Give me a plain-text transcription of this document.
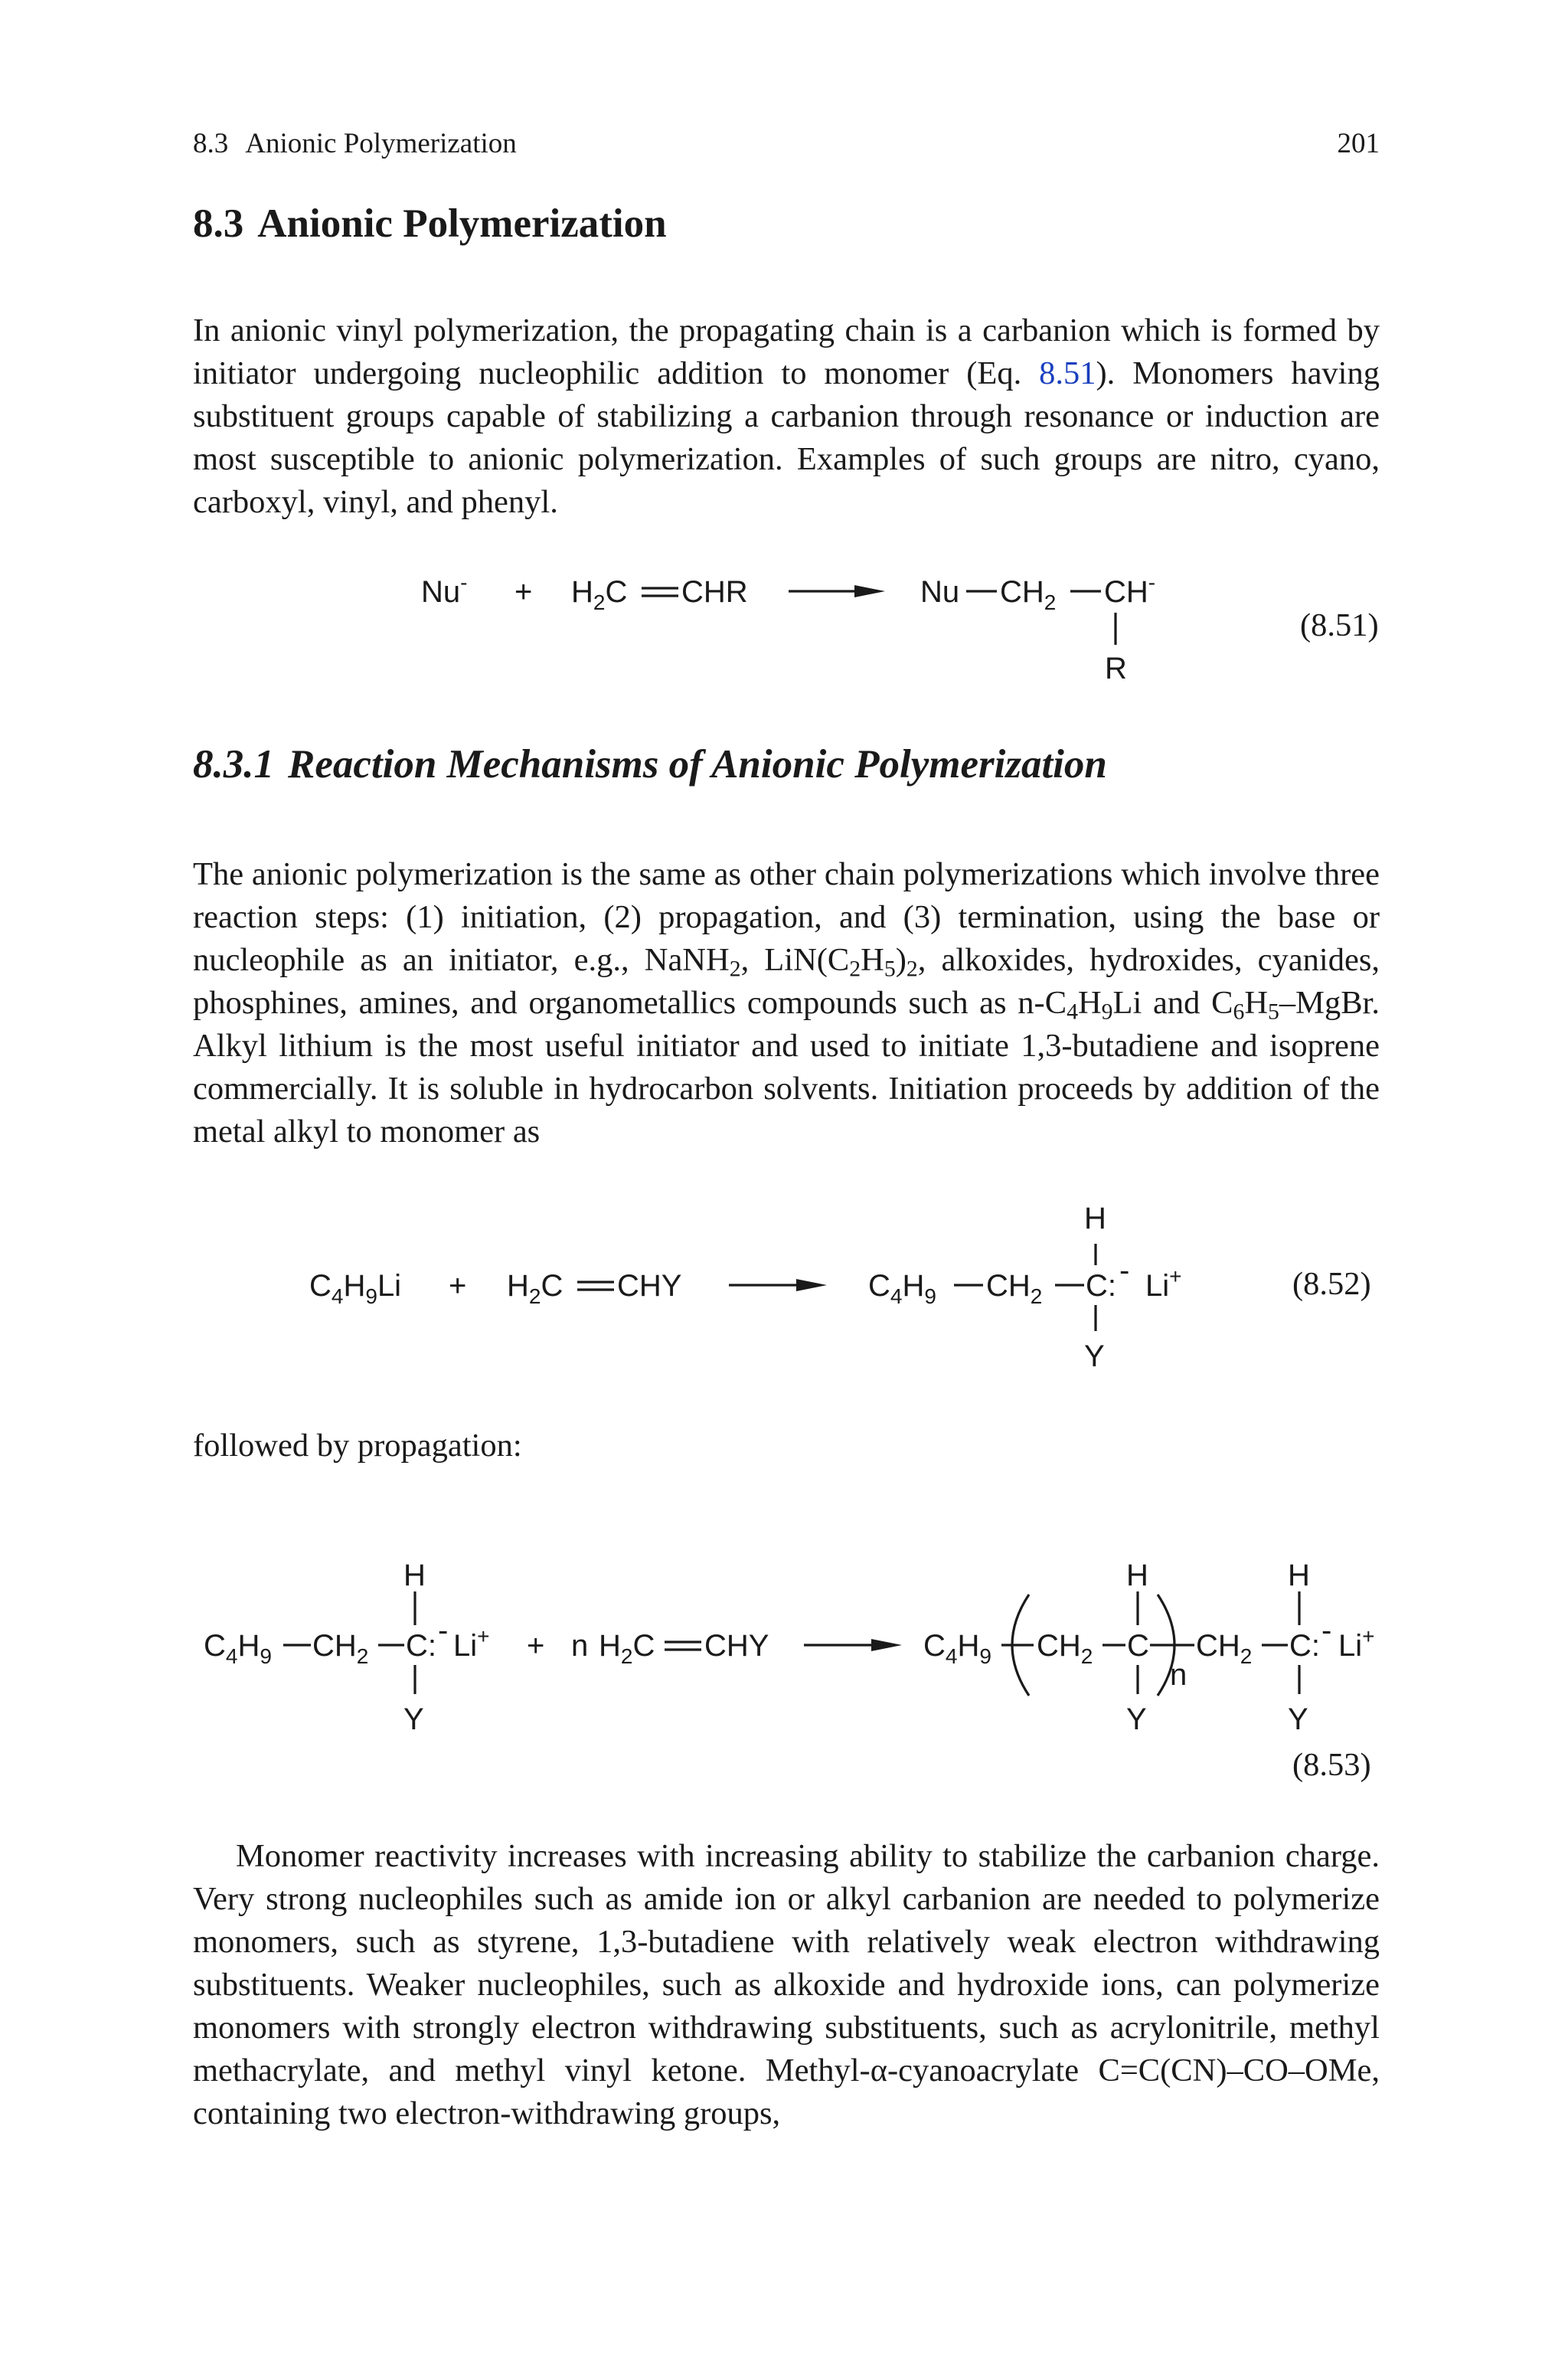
8.3 Anionic Polymerization	201
8.3 Anionic Polymerization

In anionic vinyl polymerization, the propagating chain is a carbanion which is formed by initiator undergoing nucleophilic addition to monomer (Eq. 8.51). Monomers having substituent groups capable of stabilizing a carbanion through resonance or induction are most susceptible to anionic polymerization. Examples of such groups are nitro, cyano, carboxyl, vinyl, and phenyl.

8.3.1 Reaction Mechanisms of Anionic Polymerization

The anionic polymerization is the same as other chain polymerizations which involve three reaction steps: (1) initiation, (2) propagation, and (3) termination, using the base or nucleophile as an initiator, e.g., NaNH$_2$, $LiN(C_2H_5)_2$, alkoxides, hydroxides, cyanides, phosphines, amines, and organometallics compounds such as $n-C_4H_9Li$ and $C_6H_5$–MgBr. Alkyl lithium is the most useful initiator and used to initiate 1,3-butadiene and isoprene commercially. It is soluble in hydrocarbon solvents. Initiation proceeds by addition of the metal alkyl to monomer as

followed by propagation:

Monomer reactivity increases with increasing ability to stabilize the carbanion charge. Very strong nucleophiles such as amide ion or alkyl carbanion are needed to polymerize monomers, such as styrene, 1,3-butadiene with relatively weak electron withdrawing substituents. Weaker nucleophiles, such as alkoxide and hydroxide ions, can polymerize monomers with strongly electron withdrawing substituents, such as acrylonitrile, methyl methacrylate, and methyl vinyl ketone. Methyl-α-cyanoacrylate C=C(CN)–CO–OMe, containing two electron-withdrawing groups,

$Nu^- + H_2C$ CHR	Nu $CH_2$ CH-
R
(8.51)
$C_4H_9Li + H_2C$ CHY	$C_4H_9$ $CH_2$ C: - Li+
H
Y
(8.52)
$C_4H_9$ $CH_2$ C: - Li+
H
Y
+ n $H_2C$ CHY	$C_4H_9$ $CH_2$ C
H
Y
n
$CH_2$ C: - Li+
H
Y
(8.53)
